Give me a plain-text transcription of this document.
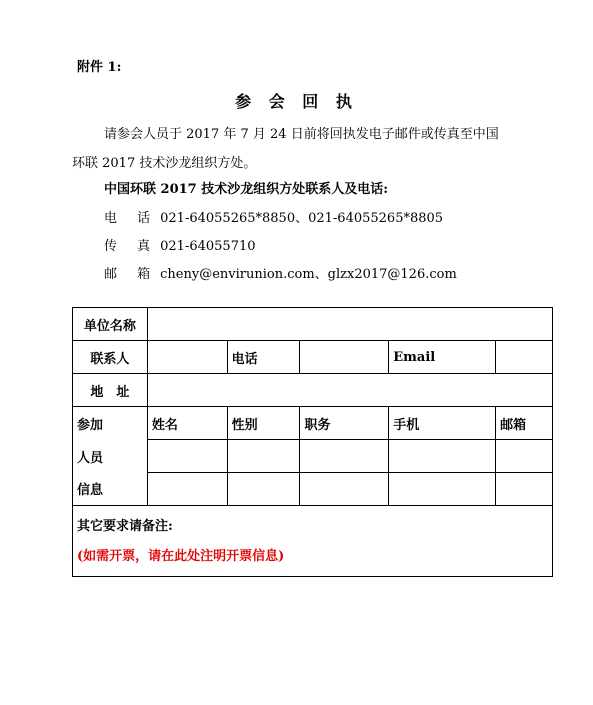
附件 1:
参 会 回 执
请参会人员于 2017 年 7 月 24 日前将回执发电子邮件或传真至中国
环联 2017 技术沙龙组织方处。
中国环联 2017 技术沙龙组织方处联系人及电话:
电 话 021-64055265*8850、021-64055265*8805
传 真 021-64055710
邮 箱 cheny@envirunion.com、glzx2017@126.com
单位名称					
联系人		电话		Email	
地　址					
参加	姓名	性别	职务	手机	邮箱
人员					
信息					

其它要求请备注:
(如需开票，请在此处注明开票信息)					
